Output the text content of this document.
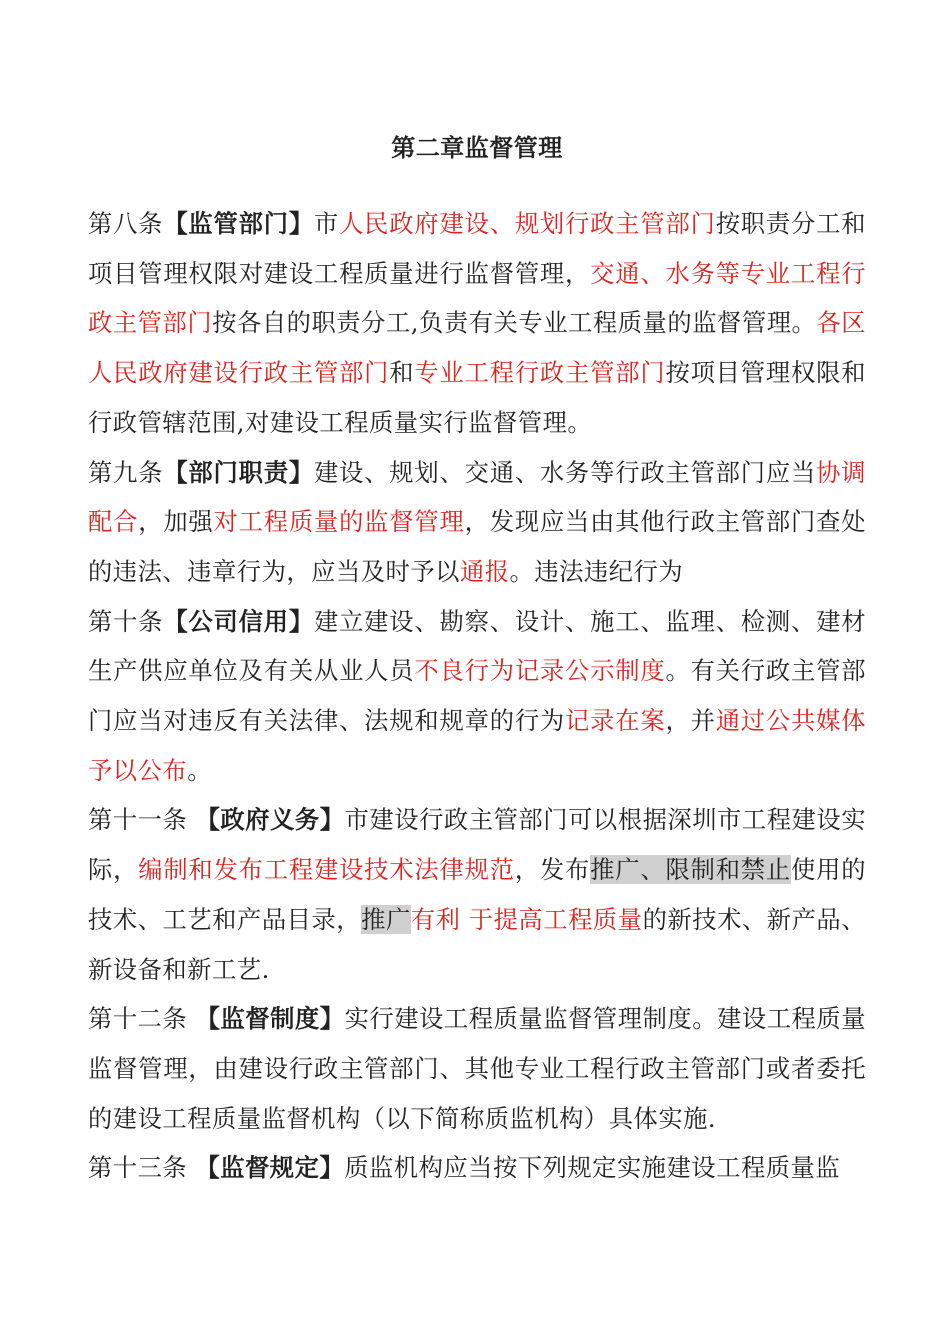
第二章监督管理

第八条【监管部门】市人民政府建设、规划行政主管部门按职责分工和项目管理权限对建设工程质量进行监督管理，交通、水务等专业工程行政主管部门按各自的职责分工,负责有关专业工程质量的监督管理。各区人民政府建设行政主管部门和专业工程行政主管部门按项目管理权限和行政管辖范围,对建设工程质量实行监督管理。

第九条【部门职责】建设、规划、交通、水务等行政主管部门应当协调配合，加强对工程质量的监督管理，发现应当由其他行政主管部门查处的违法、违章行为，应当及时予以通报。违法违纪行为

第十条【公司信用】建立建设、勘察、设计、施工、监理、检测、建材生产供应单位及有关从业人员不良行为记录公示制度。有关行政主管部门应当对违反有关法律、法规和规章的行为记录在案，并通过公共媒体予以公布。

第十一条 【政府义务】市建设行政主管部门可以根据深圳市工程建设实际，编制和发布工程建设技术法律规范，发布推广、限制和禁止使用的技术、工艺和产品目录，推广有利 于提高工程质量的新技术、新产品、新设备和新工艺.

第十二条 【监督制度】实行建设工程质量监督管理制度。建设工程质量监督管理，由建设行政主管部门、其他专业工程行政主管部门或者委托的建设工程质量监督机构（以下简称质监机构）具体实施.

第十三条 【监督规定】质监机构应当按下列规定实施建设工程质量监
